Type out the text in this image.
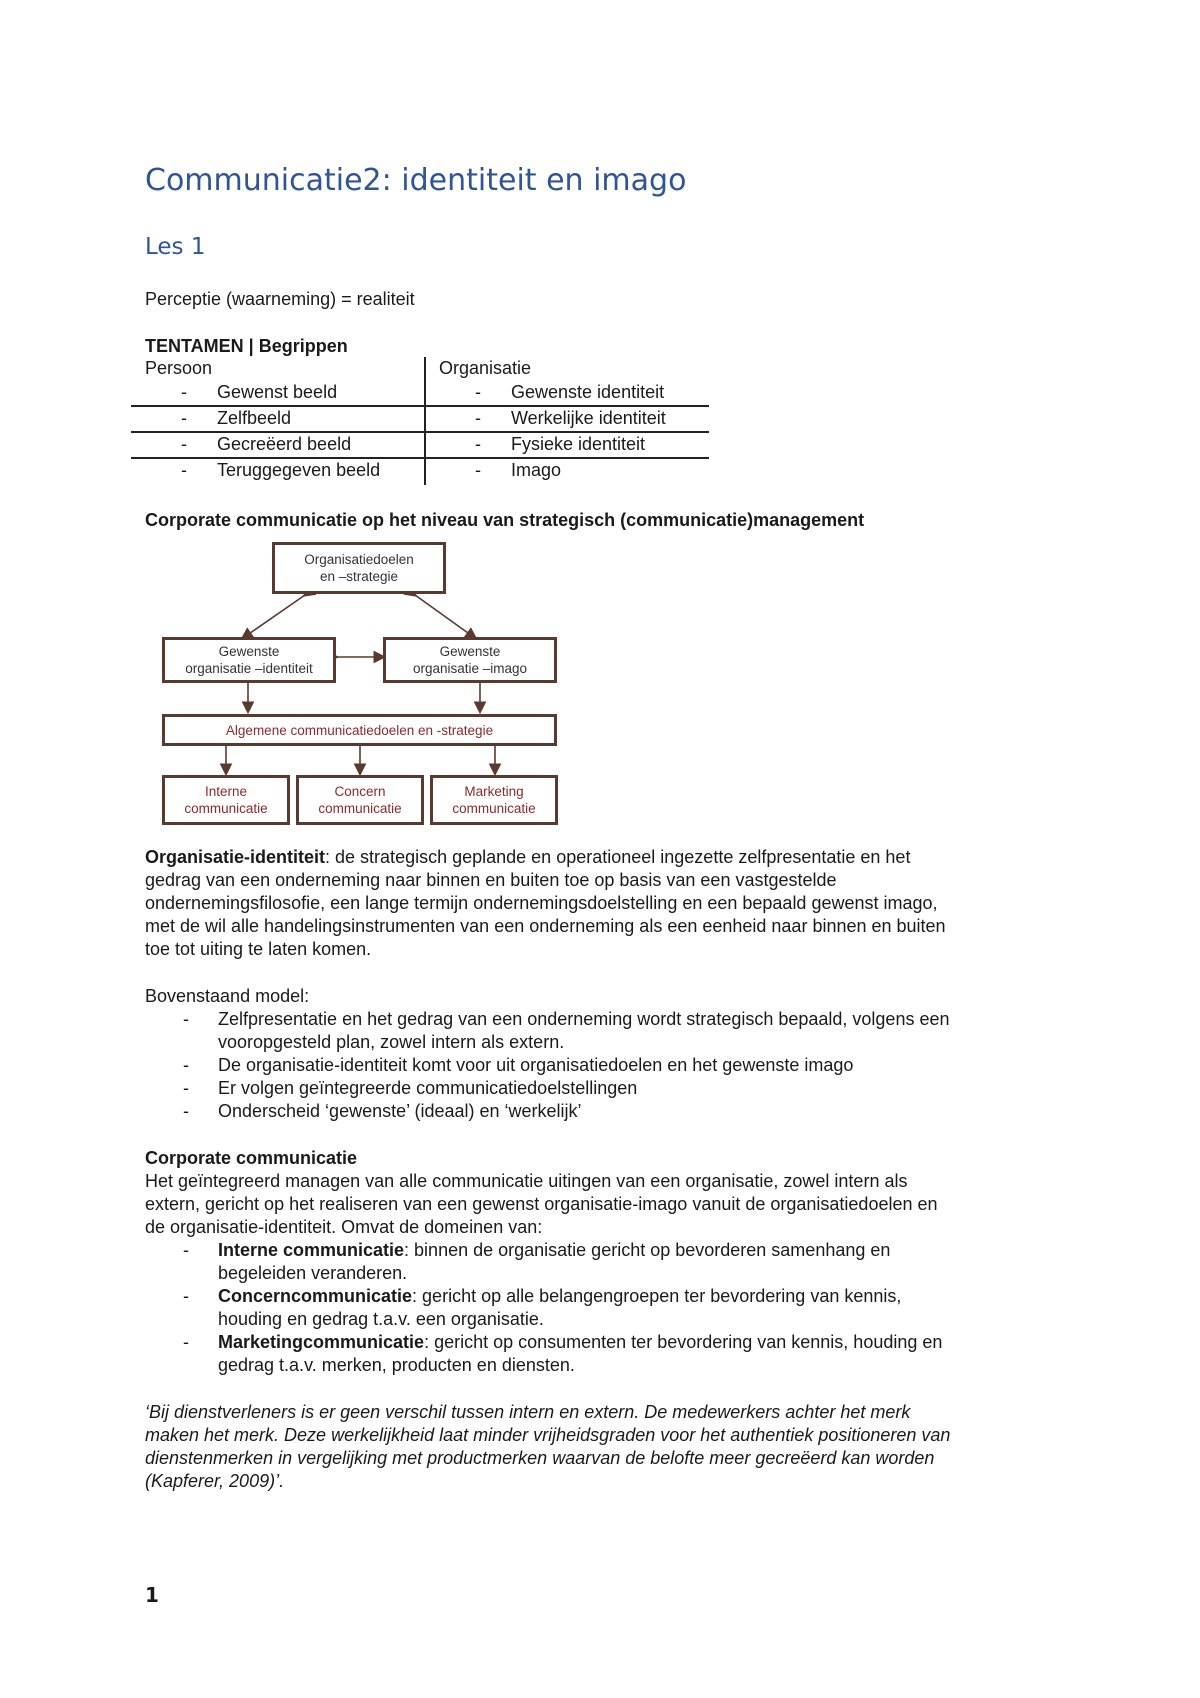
Communicatie2: identiteit en imago
Les 1
Perceptie (waarneming) = realiteit
TENTAMEN | Begrippen
Persoon	Organisatie
- Gewenst beeld	- Gewenste identiteit
- Zelfbeeld	- Werkelijke identiteit
- Gecreëerd beeld	- Fysieke identiteit
- Teruggegeven beeld	- Imago
Corporate communicatie op het niveau van strategisch (communicatie)management
Organisatiedoelen
en –strategie
Gewenste
organisatie –identiteit
Gewenste
organisatie –imago
Algemene communicatiedoelen en -strategie
Interne
communicatie
Concern
communicatie
Marketing
communicatie
Organisatie-identiteit: de strategisch geplande en operationeel ingezette zelfpresentatie en het
gedrag van een onderneming naar binnen en buiten toe op basis van een vastgestelde
ondernemingsfilosofie, een lange termijn ondernemingsdoelstelling en een bepaald gewenst imago,
met de wil alle handelingsinstrumenten van een onderneming als een eenheid naar binnen en buiten
toe tot uiting te laten komen.
Bovenstaand model:
- Zelfpresentatie en het gedrag van een onderneming wordt strategisch bepaald, volgens een
vooropgesteld plan, zowel intern als extern.
- De organisatie-identiteit komt voor uit organisatiedoelen en het gewenste imago
- Er volgen geïntegreerde communicatiedoelstellingen
- Onderscheid ‘gewenste’ (ideaal) en ‘werkelijk’
Corporate communicatie
Het geïntegreerd managen van alle communicatie uitingen van een organisatie, zowel intern als
extern, gericht op het realiseren van een gewenst organisatie-imago vanuit de organisatiedoelen en
de organisatie-identiteit. Omvat de domeinen van:
- Interne communicatie: binnen de organisatie gericht op bevorderen samenhang en
begeleiden veranderen.
- Concerncommunicatie: gericht op alle belangengroepen ter bevordering van kennis,
houding en gedrag t.a.v. een organisatie.
- Marketingcommunicatie: gericht op consumenten ter bevordering van kennis, houding en
gedrag t.a.v. merken, producten en diensten.
‘Bij dienstverleners is er geen verschil tussen intern en extern. De medewerkers achter het merk
maken het merk. Deze werkelijkheid laat minder vrijheidsgraden voor het authentiek positioneren van
dienstenmerken in vergelijking met productmerken waarvan de belofte meer gecreëerd kan worden
(Kapferer, 2009)’.
1
